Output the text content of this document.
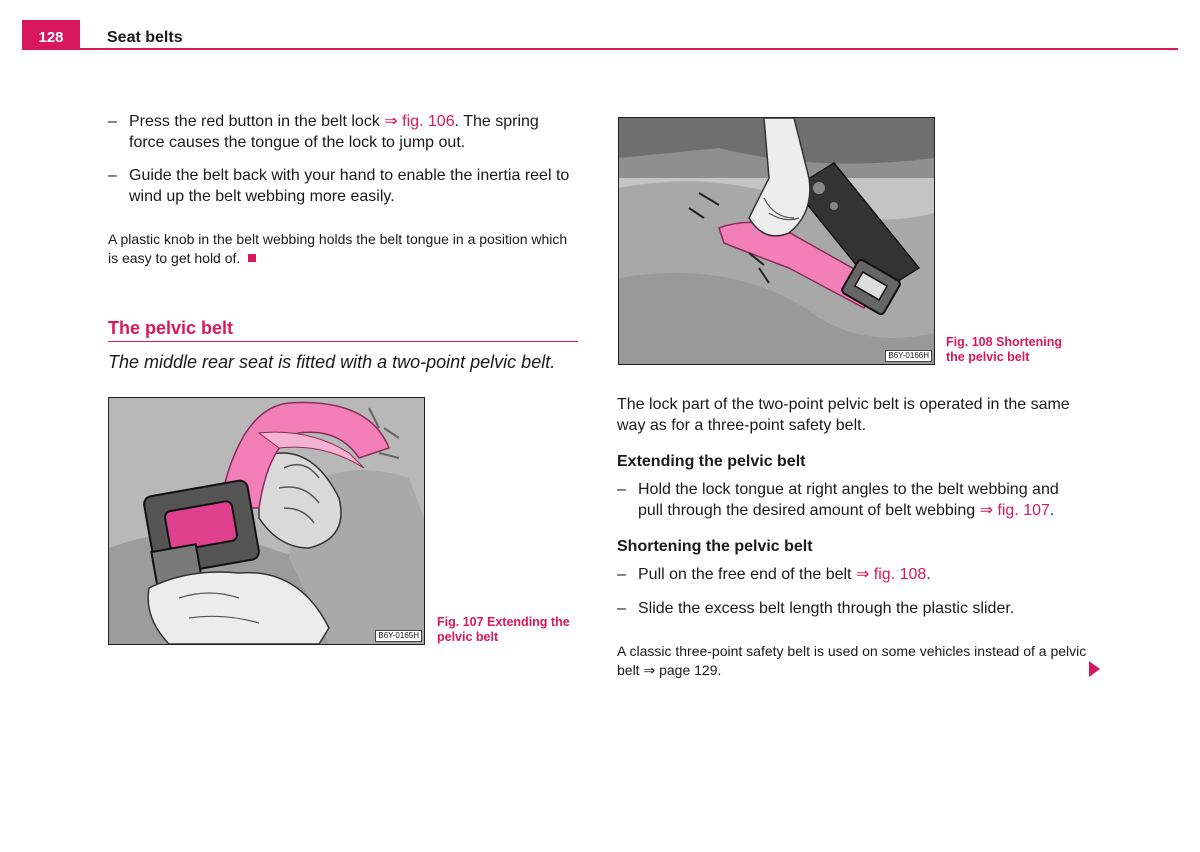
128	Seat belts
– Press the red button in the belt lock ⇒ fig. 106. The spring force causes the tongue of the lock to jump out.
– Guide the belt back with your hand to enable the inertia reel to wind up the belt webbing more easily.
A plastic knob in the belt webbing holds the belt tongue in a position which is easy to get hold of.
The pelvic belt
The middle rear seat is fitted with a two-point pelvic belt.
B6Y-0165H
Fig. 107 Extending the
pelvic belt
B6Y-0166H
Fig. 108 Shortening
the pelvic belt
The lock part of the two-point pelvic belt is operated in the same way as for a three-point safety belt.
Extending the pelvic belt
– Hold the lock tongue at right angles to the belt webbing and pull through the desired amount of belt webbing ⇒ fig. 107.
Shortening the pelvic belt
– Pull on the free end of the belt ⇒ fig. 108.
– Slide the excess belt length through the plastic slider.
A classic three-point safety belt is used on some vehicles instead of a pelvic belt ⇒ page 129.
